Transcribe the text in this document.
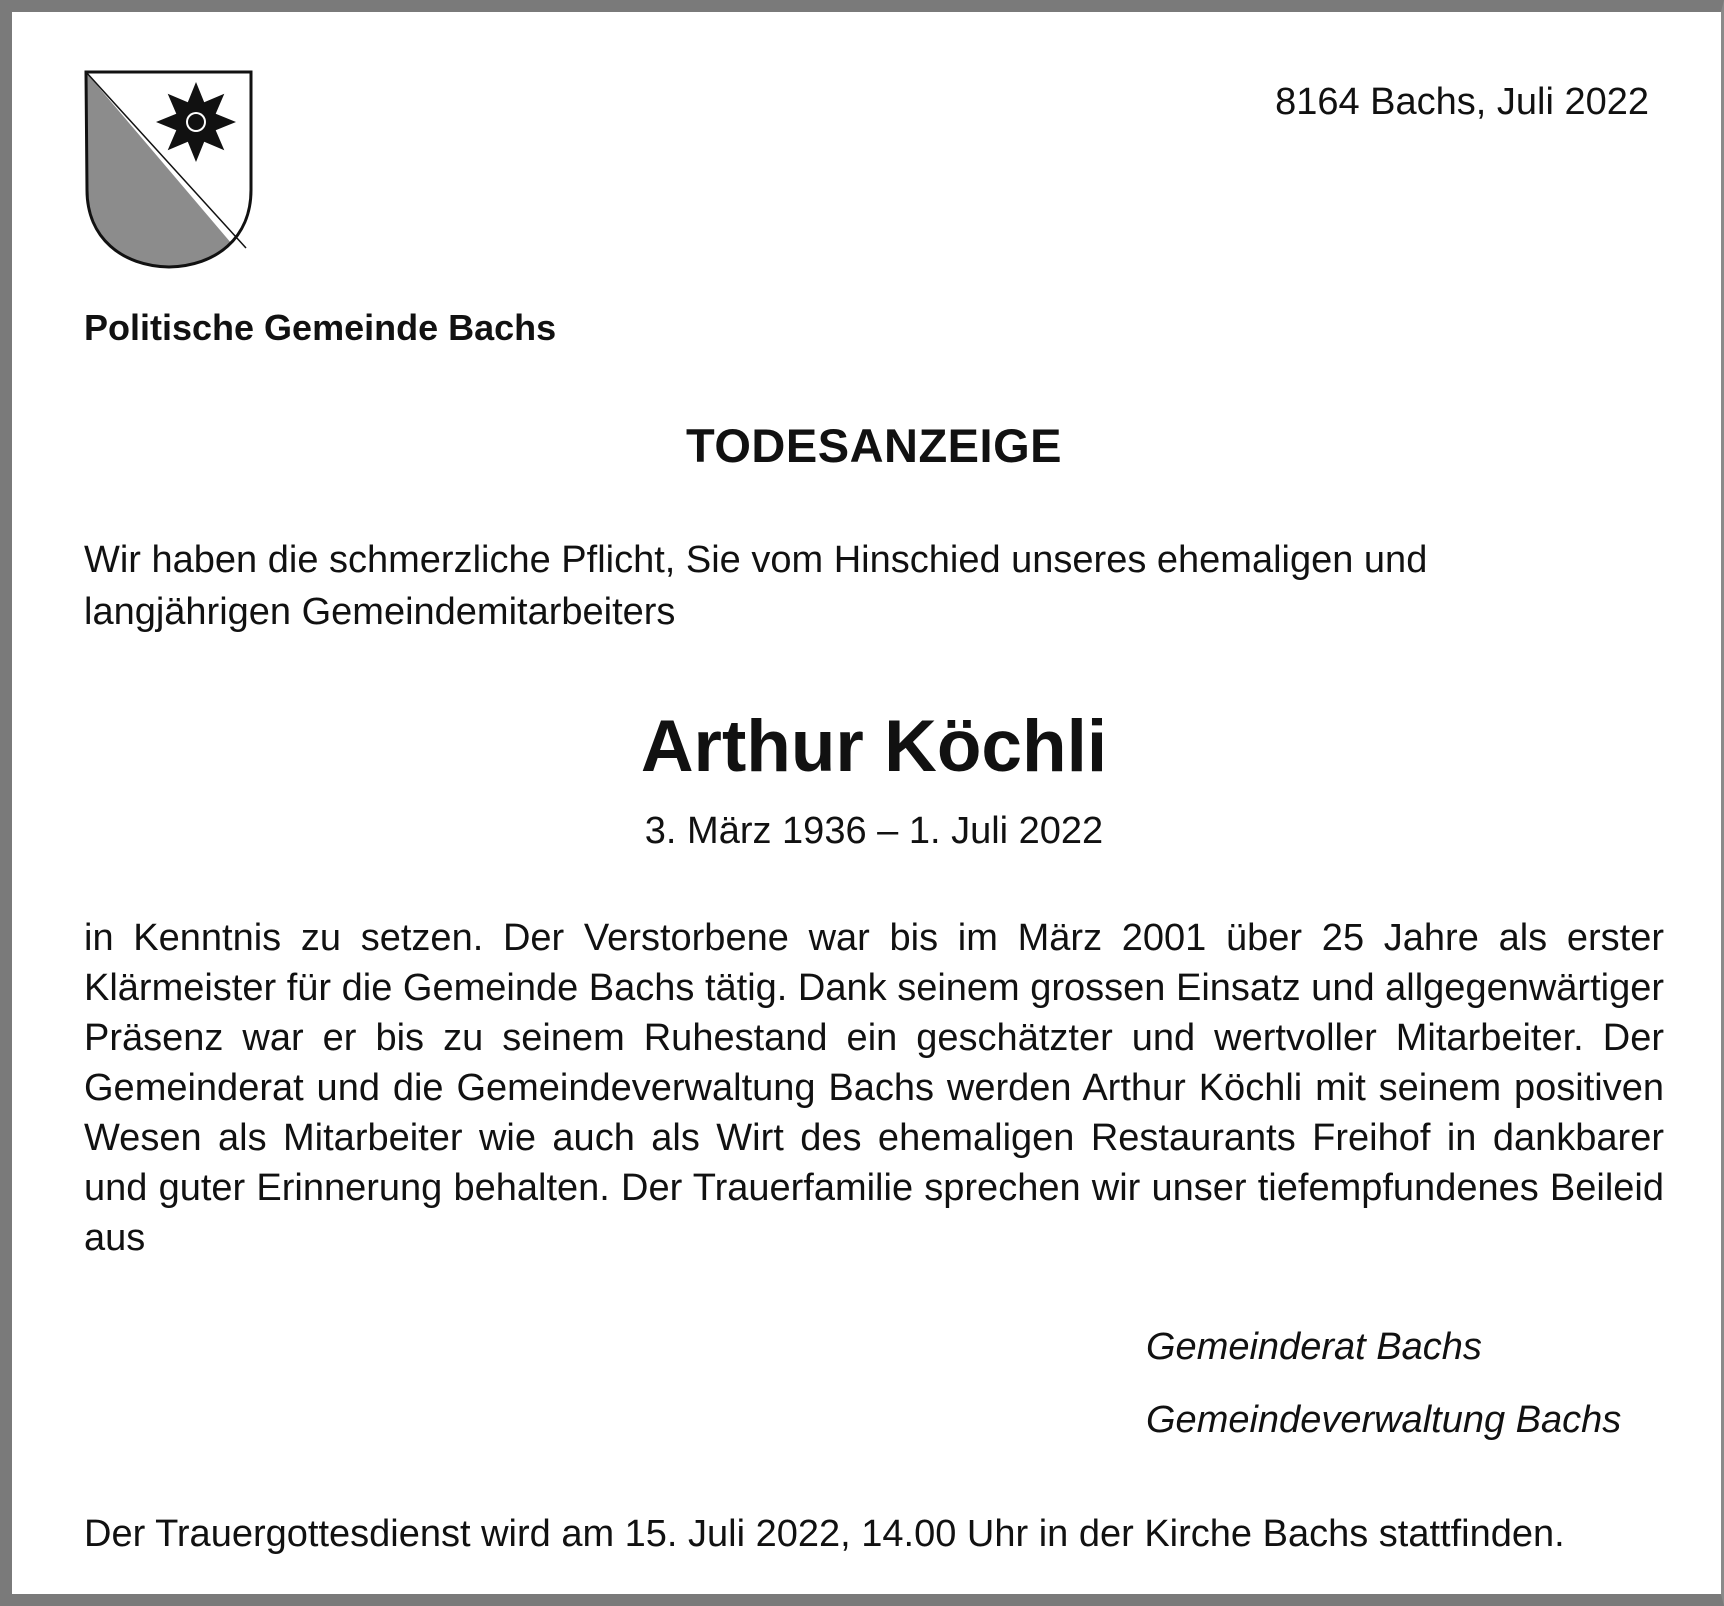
8164 Bachs, Juli 2022
Politische Gemeinde Bachs
TODESANZEIGE
Wir haben die schmerzliche Pflicht, Sie vom Hinschied unseres ehemaligen und langjährigen Gemeindemitarbeiters
Arthur Köchli
3. März 1936 – 1. Juli 2022
in Kenntnis zu setzen. Der Verstorbene war bis im März 2001 über 25 Jahre als erster Klärmeister für die Gemeinde Bachs tätig. Dank seinem grossen Einsatz und allgegenwärtiger Präsenz war er bis zu seinem Ruhestand ein geschätzter und wertvoller Mitarbeiter. Der Gemeinderat und die Gemeindeverwaltung Bachs werden Arthur Köchli mit seinem positiven Wesen als Mitarbeiter wie auch als Wirt des ehemaligen Restaurants Freihof in dankbarer und guter Erinnerung behalten. Der Trauerfamilie sprechen wir unser tiefempfundenes Beileid aus
Gemeinderat Bachs
Gemeindeverwaltung Bachs
Der Trauergottesdienst wird am 15. Juli 2022, 14.00 Uhr in der Kirche Bachs stattfinden.
